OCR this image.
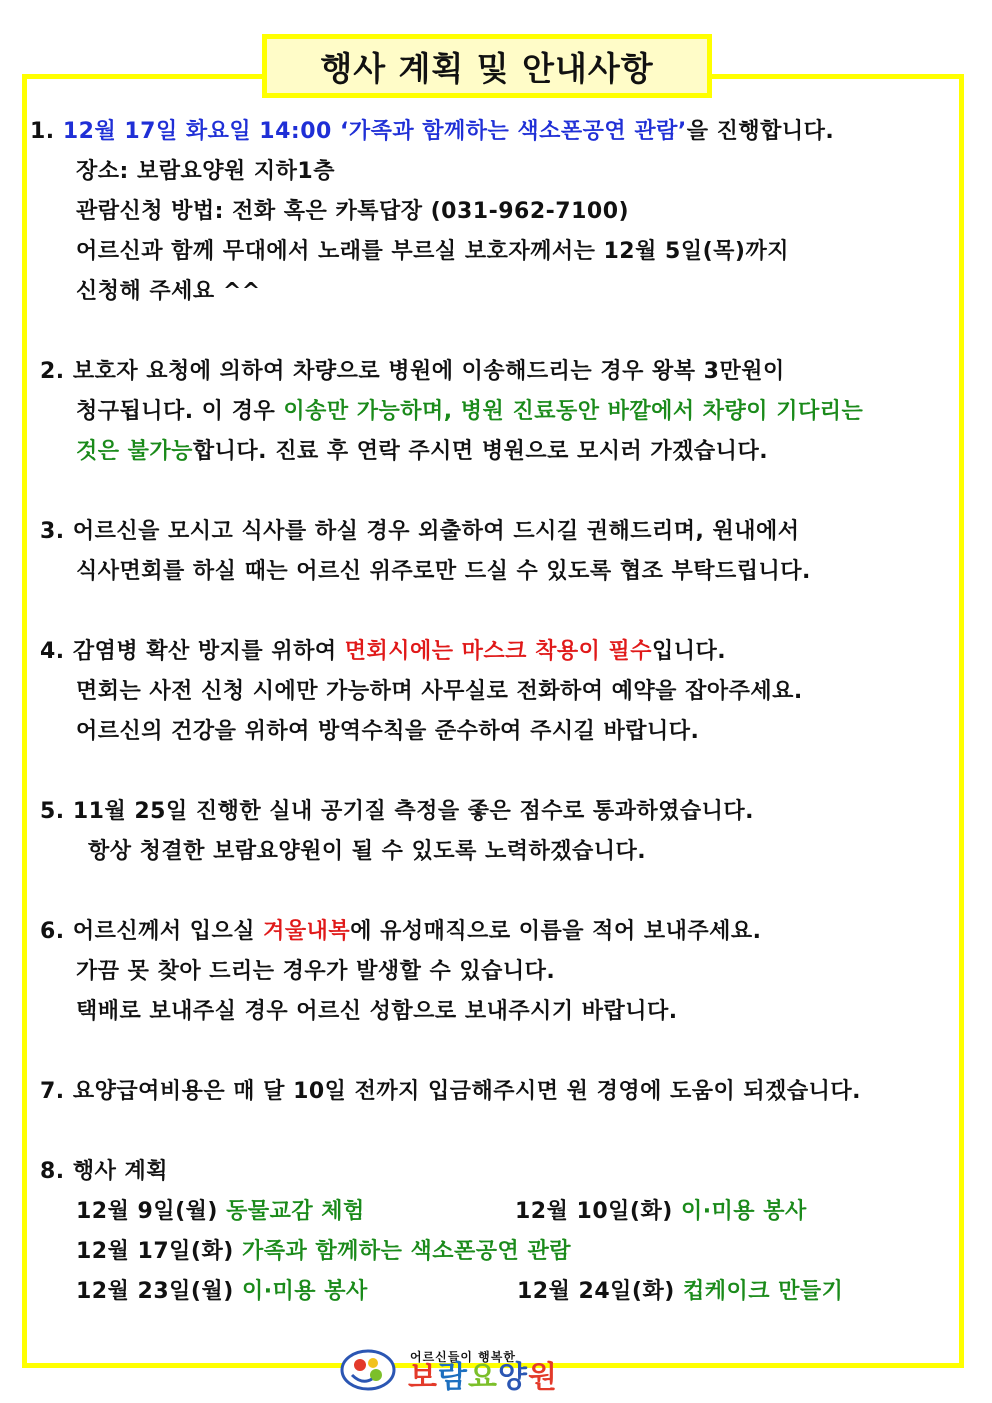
행사 계획 및 안내사항
1. 12월 17일 화요일 14:00 ‘가족과 함께하는 색소폰공연 관람’을 진행합니다.
장소: 보람요양원 지하1층
관람신청 방법: 전화 혹은 카톡답장 (031-962-7100)
어르신과 함께 무대에서 노래를 부르실 보호자께서는 12월 5일(목)까지
신청해 주세요 ^^
2. 보호자 요청에 의하여 차량으로 병원에 이송해드리는 경우 왕복 3만원이
청구됩니다. 이 경우 이송만 가능하며, 병원 진료동안 바깥에서 차량이 기다리는
것은 불가능합니다. 진료 후 연락 주시면 병원으로 모시러 가겠습니다.
3. 어르신을 모시고 식사를 하실 경우 외출하여 드시길 권해드리며, 원내에서
식사면회를 하실 때는 어르신 위주로만 드실 수 있도록 협조 부탁드립니다.
4. 감염병 확산 방지를 위하여 면회시에는 마스크 착용이 필수입니다.
면회는 사전 신청 시에만 가능하며 사무실로 전화하여 예약을 잡아주세요.
어르신의 건강을 위하여 방역수칙을 준수하여 주시길 바랍니다.
5. 11월 25일 진행한 실내 공기질 측정을 좋은 점수로 통과하였습니다.
항상 청결한 보람요양원이 될 수 있도록 노력하겠습니다.
6. 어르신께서 입으실 겨울내복에 유성매직으로 이름을 적어 보내주세요.
가끔 못 찾아 드리는 경우가 발생할 수 있습니다.
택배로 보내주실 경우 어르신 성함으로 보내주시기 바랍니다.
7. 요양급여비용은 매 달 10일 전까지 입금해주시면 원 경영에 도움이 되겠습니다.
8. 행사 계획
12월 9일(월) 동물교감 체험	12월 10일(화) 이·미용 봉사
12월 17일(화) 가족과 함께하는 색소폰공연 관람
12월 23일(월) 이·미용 봉사	12월 24일(화) 컵케이크 만들기
어르신들이 행복한
보람요양원
